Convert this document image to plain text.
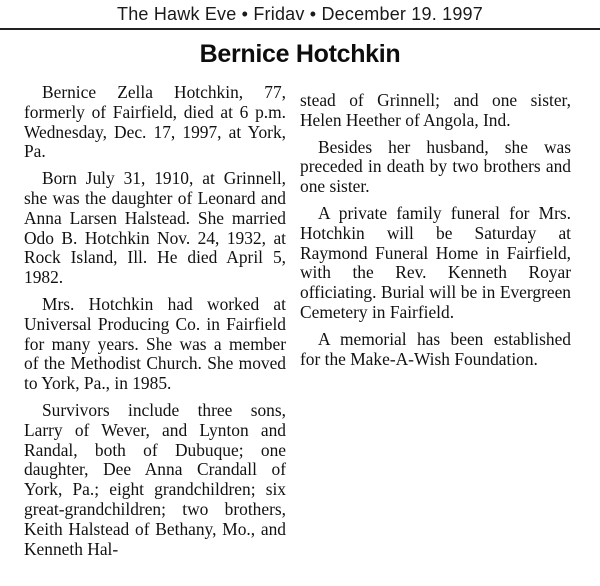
The Hawk Eve • Fridav • December 19. 1997
Bernice Hotchkin

Bernice Zella Hotchkin, 77, formerly of Fairfield, died at 6 p.m. Wednesday, Dec. 17, 1997, at York, Pa.

Born July 31, 1910, at Grinnell, she was the daughter of Leonard and Anna Larsen Halstead. She married Odo B. Hotchkin Nov. 24, 1932, at Rock Island, Ill. He died April 5, 1982.

Mrs. Hotchkin had worked at Universal Producing Co. in Fairfield for many years. She was a member of the Methodist Church. She moved to York, Pa., in 1985.

Survivors include three sons, Larry of Wever, and Lynton and Randal, both of Dubuque; one daughter, Dee Anna Crandall of York, Pa.; eight grandchildren; six great-grandchildren; two brothers, Keith Halstead of Bethany, Mo., and Kenneth Hal-

stead of Grinnell; and one sister, Helen Heether of Angola, Ind.

Besides her husband, she was preceded in death by two brothers and one sister.

A private family funeral for Mrs. Hotchkin will be Saturday at Raymond Funeral Home in Fairfield, with the Rev. Kenneth Royar officiating. Burial will be in Evergreen Cemetery in Fairfield.

A memorial has been established for the Make-A-Wish Foundation.
